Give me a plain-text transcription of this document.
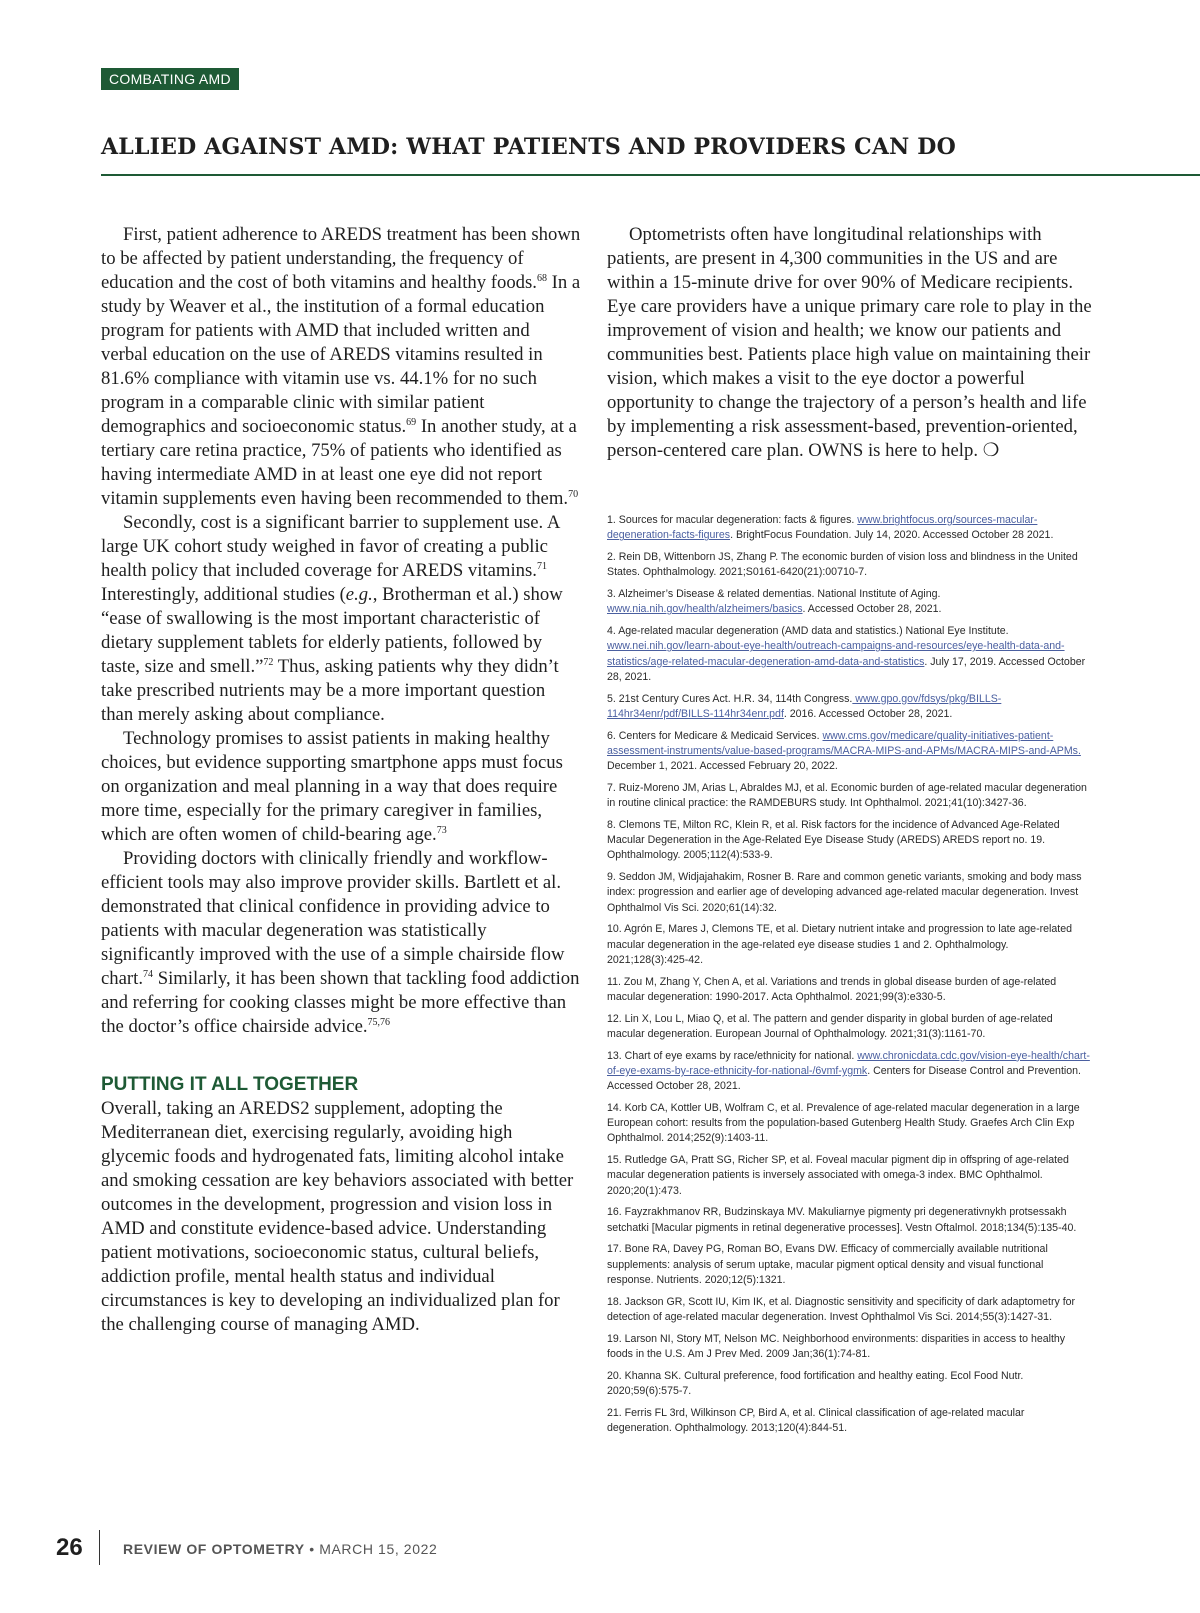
COMBATING AMD
ALLIED AGAINST AMD: WHAT PATIENTS AND PROVIDERS CAN DO

First, patient adherence to AREDS treatment has been shown to be affected by patient understanding, the frequency of education and the cost of both vitamins and healthy foods.$^{68}$ In a study by Weaver et al., the institution of a formal education program for patients with AMD that included written and verbal education on the use of AREDS vitamins resulted in 81.6% compliance with vitamin use vs. 44.1% for no such program in a comparable clinic with similar patient demographics and socioeconomic status.$^{69}$ In another study, at a tertiary care retina practice, 75% of patients who identified as having intermediate AMD in at least one eye did not report vitamin supplements even having been recommended to them.$^{70}$

Secondly, cost is a significant barrier to supplement use. A large UK cohort study weighed in favor of creating a public health policy that included coverage for AREDS vitamins.$^{71}$ Interestingly, additional studies (e.g., Brotherman et al.) show “ease of swallowing is the most important characteristic of dietary supplement tablets for elderly patients, followed by taste, size and smell.”$^{72}$ Thus, asking patients why they didn’t take prescribed nutrients may be a more important question than merely asking about compliance.

Technology promises to assist patients in making healthy choices, but evidence supporting smartphone apps must focus on organization and meal planning in a way that does require more time, especially for the primary caregiver in families, which are often women of child-bearing age.$^{73}$

Providing doctors with clinically friendly and workflow-efficient tools may also improve provider skills. Bartlett et al. demonstrated that clinical confidence in providing advice to patients with macular degeneration was statistically significantly improved with the use of a simple chairside flow chart.$^{74}$ Similarly, it has been shown that tackling food addiction and referring for cooking classes might be more effective than the doctor’s office chairside advice.$^{75,76}$

PUTTING IT ALL TOGETHER

Overall, taking an AREDS2 supplement, adopting the Mediterranean diet, exercising regularly, avoiding high glycemic foods and hydrogenated fats, limiting alcohol intake and smoking cessation are key behaviors associated with better outcomes in the development, progression and vision loss in AMD and constitute evidence-based advice. Understanding patient motivations, socioeconomic status, cultural beliefs, addiction profile, mental health status and individual circumstances is key to developing an individualized plan for the challenging course of managing AMD.

Optometrists often have longitudinal relationships with patients, are present in 4,300 communities in the US and are within a 15-minute drive for over 90% of Medicare recipients. Eye care providers have a unique primary care role to play in the improvement of vision and health; we know our patients and communities best. Patients place high value on maintaining their vision, which makes a visit to the eye doctor a powerful opportunity to change the trajectory of a person’s health and life by implementing a risk assessment-based, prevention-oriented, person-centered care plan. OWNS is here to help. ❍

1. Sources for macular degeneration: facts & figures. www.brightfocus.org/sources-macular-degeneration-facts-figures. BrightFocus Foundation. July 14, 2020. Accessed October 28 2021.
2. Rein DB, Wittenborn JS, Zhang P. The economic burden of vision loss and blindness in the United States. Ophthalmology. 2021;S0161-6420(21):00710-7.
3. Alzheimer’s Disease & related dementias. National Institute of Aging. www.nia.nih.gov/health/alzheimers/basics. Accessed October 28, 2021.
4. Age-related macular degeneration (AMD data and statistics.) National Eye Institute. www.nei.nih.gov/learn-about-eye-health/outreach-campaigns-and-resources/eye-health-data-and-statistics/age-related-macular-degeneration-amd-data-and-statistics. July 17, 2019. Accessed October 28, 2021.
5. 21st Century Cures Act. H.R. 34, 114th Congress. www.gpo.gov/fdsys/pkg/BILLS-114hr34enr/pdf/BILLS-114hr34enr.pdf. 2016. Accessed October 28, 2021.
6. Centers for Medicare & Medicaid Services. www.cms.gov/medicare/quality-initiatives-patient-assessment-instruments/value-based-programs/MACRA-MIPS-and-APMs/MACRA-MIPS-and-APMs. December 1, 2021. Accessed February 20, 2022.
7. Ruiz-Moreno JM, Arias L, Abraldes MJ, et al. Economic burden of age-related macular degeneration in routine clinical practice: the RAMDEBURS study. Int Ophthalmol. 2021;41(10):3427-36.
8. Clemons TE, Milton RC, Klein R, et al. Risk factors for the incidence of Advanced Age-Related Macular Degeneration in the Age-Related Eye Disease Study (AREDS) AREDS report no. 19. Ophthalmology. 2005;112(4):533-9.
9. Seddon JM, Widjajahakim, Rosner B. Rare and common genetic variants, smoking and body mass index: progression and earlier age of developing advanced age-related macular degeneration. Invest Ophthalmol Vis Sci. 2020;61(14):32.
10. Agrón E, Mares J, Clemons TE, et al. Dietary nutrient intake and progression to late age-related macular degeneration in the age-related eye disease studies 1 and 2. Ophthalmology. 2021;128(3):425-42.
11. Zou M, Zhang Y, Chen A, et al. Variations and trends in global disease burden of age-related macular degeneration: 1990-2017. Acta Ophthalmol. 2021;99(3):e330-5.
12. Lin X, Lou L, Miao Q, et al. The pattern and gender disparity in global burden of age-related macular degeneration. European Journal of Ophthalmology. 2021;31(3):1161-70.
13. Chart of eye exams by race/ethnicity for national. www.chronicdata.cdc.gov/vision-eye-health/chart-of-eye-exams-by-race-ethnicity-for-national-/6vmf-ygmk. Centers for Disease Control and Prevention. Accessed October 28, 2021.
14. Korb CA, Kottler UB, Wolfram C, et al. Prevalence of age-related macular degeneration in a large European cohort: results from the population-based Gutenberg Health Study. Graefes Arch Clin Exp Ophthalmol. 2014;252(9):1403-11.
15. Rutledge GA, Pratt SG, Richer SP, et al. Foveal macular pigment dip in offspring of age-related macular degeneration patients is inversely associated with omega-3 index. BMC Ophthalmol. 2020;20(1):473.
16. Fayzrakhmanov RR, Budzinskaya MV. Makuliarnye pigmenty pri degenerativnykh protsessakh setchatki [Macular pigments in retinal degenerative processes]. Vestn Oftalmol. 2018;134(5):135-40.
17. Bone RA, Davey PG, Roman BO, Evans DW. Efficacy of commercially available nutritional supplements: analysis of serum uptake, macular pigment optical density and visual functional response. Nutrients. 2020;12(5):1321.
18. Jackson GR, Scott IU, Kim IK, et al. Diagnostic sensitivity and specificity of dark adaptometry for detection of age-related macular degeneration. Invest Ophthalmol Vis Sci. 2014;55(3):1427-31.
19. Larson NI, Story MT, Nelson MC. Neighborhood environments: disparities in access to healthy foods in the U.S. Am J Prev Med. 2009 Jan;36(1):74-81.
20. Khanna SK. Cultural preference, food fortification and healthy eating. Ecol Food Nutr. 2020;59(6):575-7.
21. Ferris FL 3rd, Wilkinson CP, Bird A, et al. Clinical classification of age-related macular degeneration. Ophthalmology. 2013;120(4):844-51.
26	REVIEW OF OPTOMETRY • MARCH 15, 2022
